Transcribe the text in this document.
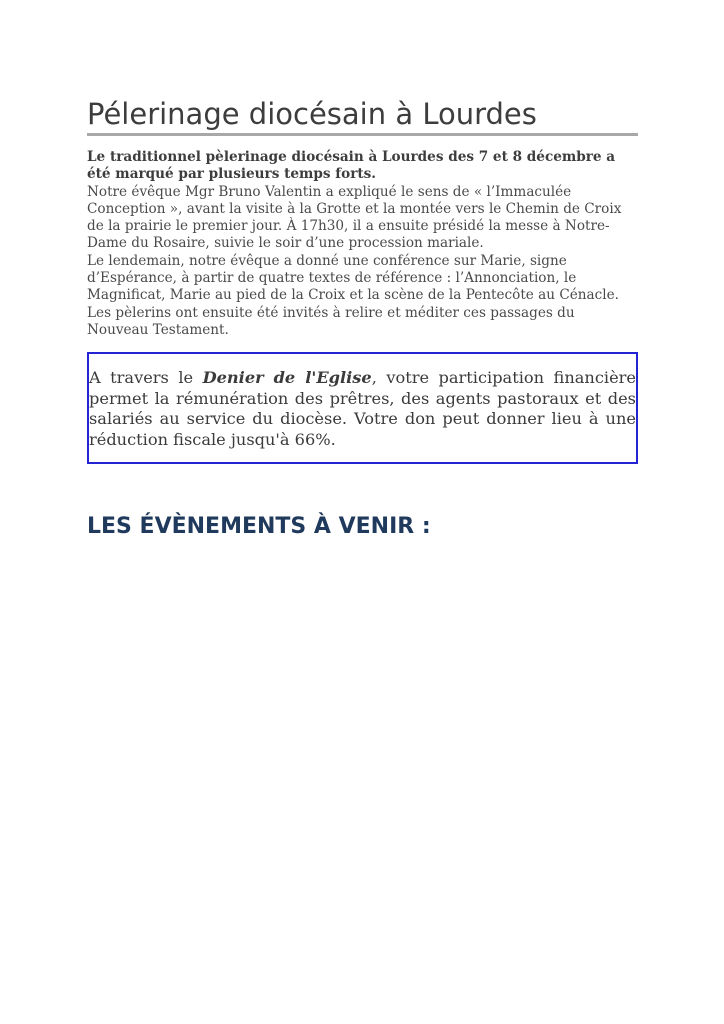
Pélerinage diocésain à Lourdes

Le traditionnel pèlerinage diocésain à Lourdes des 7 et 8 décembre a été marqué par plusieurs temps forts.

Notre évêque Mgr Bruno Valentin a expliqué le sens de « l’Immaculée Conception », avant la visite à la Grotte et la montée vers le Chemin de Croix de la prairie le premier jour. À 17h30, il a ensuite présidé la messe à Notre-Dame du Rosaire, suivie le soir d’une procession mariale.

Le lendemain, notre évêque a donné une conférence sur Marie, signe d’Espérance, à partir de quatre textes de référence : l’Annonciation, le Magnificat, Marie au pied de la Croix et la scène de la Pentecôte au Cénacle. Les pèlerins ont ensuite été invités à relire et méditer ces passages du Nouveau Testament.

A travers le Denier de l'Eglise, votre participation financière permet la rémunération des prêtres, des agents pastoraux et des salariés au service du diocèse. Votre don peut donner lieu à une réduction fiscale jusqu'à 66%.

LES ÉVÈNEMENTS À VENIR :
